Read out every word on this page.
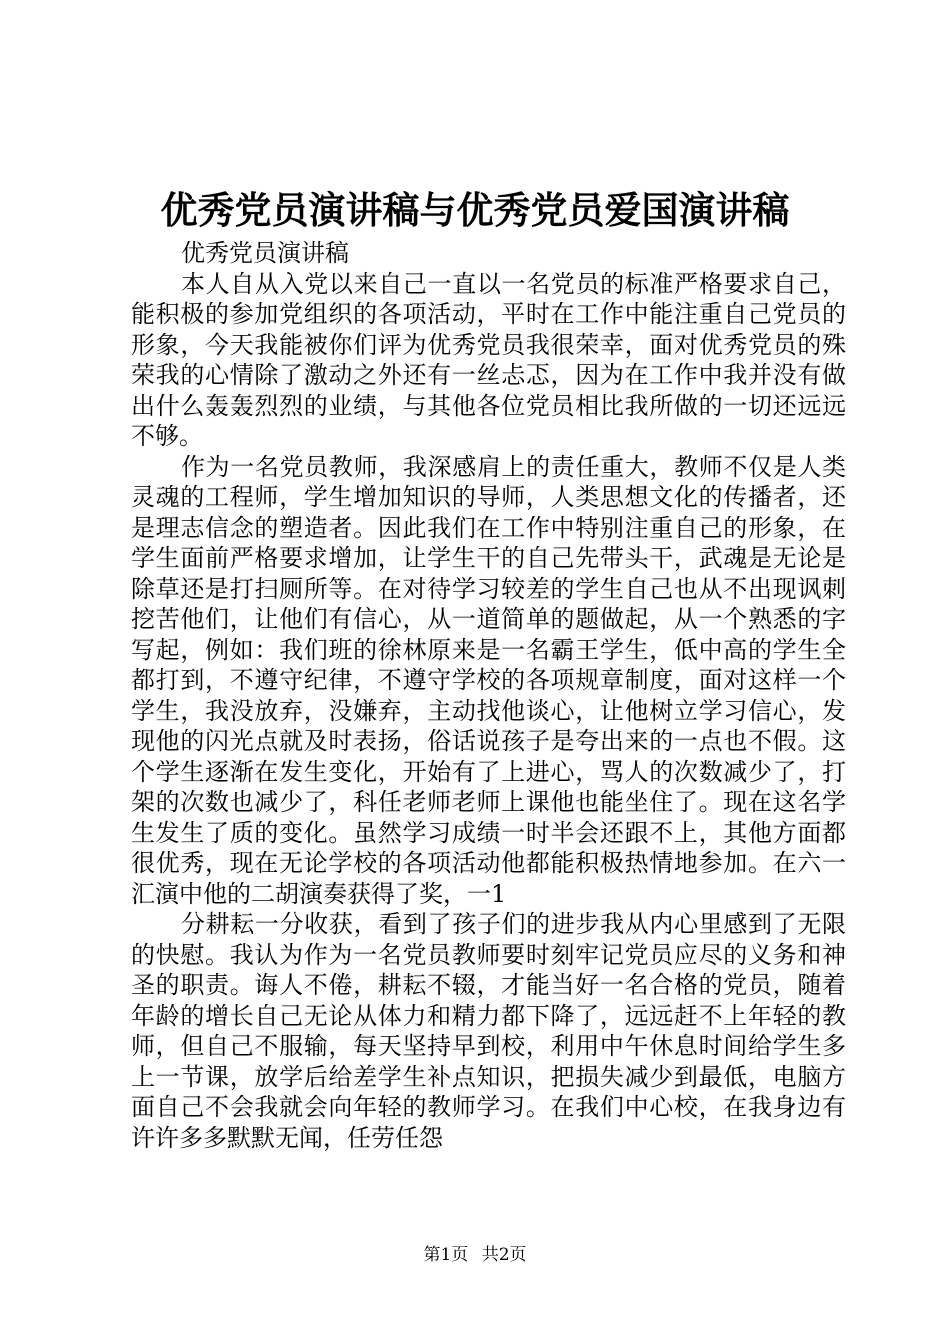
优秀党员演讲稿与优秀党员爱国演讲稿

优秀党员演讲稿

本人自从入党以来自己一直以一名党员的标准严格要求自己，能积极的参加党组织的各项活动，平时在工作中能注重自己党员的形象，今天我能被你们评为优秀党员我很荣幸，面对优秀党员的殊荣我的心情除了激动之外还有一丝忐忑，因为在工作中我并没有做出什么轰轰烈烈的业绩，与其他各位党员相比我所做的一切还远远不够。

作为一名党员教师，我深感肩上的责任重大，教师不仅是人类灵魂的工程师，学生增加知识的导师，人类思想文化的传播者，还是理志信念的塑造者。因此我们在工作中特别注重自己的形象，在学生面前严格要求增加，让学生干的自己先带头干，武魂是无论是除草还是打扫厕所等。在对待学习较差的学生自己也从不出现讽刺挖苦他们，让他们有信心，从一道简单的题做起，从一个熟悉的字写起，例如：我们班的徐林原来是一名霸王学生，低中高的学生全都打到，不遵守纪律，不遵守学校的各项规章制度，面对这样一个学生，我没放弃，没嫌弃，主动找他谈心，让他树立学习信心，发现他的闪光点就及时表扬，俗话说孩子是夸出来的一点也不假。这个学生逐渐在发生变化，开始有了上进心，骂人的次数减少了，打架的次数也减少了，科任老师老师上课他也能坐住了。现在这名学生发生了质的变化。虽然学习成绩一时半会还跟不上，其他方面都很优秀，现在无论学校的各项活动他都能积极热情地参加。在六一汇演中他的二胡演奏获得了奖，一1

分耕耘一分收获，看到了孩子们的进步我从内心里感到了无限的快慰。我认为作为一名党员教师要时刻牢记党员应尽的义务和神圣的职责。诲人不倦，耕耘不辍，才能当好一名合格的党员，随着年龄的增长自己无论从体力和精力都下降了，远远赶不上年轻的教师，但自己不服输，每天坚持早到校，利用中午休息时间给学生多上一节课，放学后给差学生补点知识，把损失减少到最低，电脑方面自己不会我就会向年轻的教师学习。在我们中心校，在我身边有许许多多默默无闻，任劳任怨

第1页 共2页
